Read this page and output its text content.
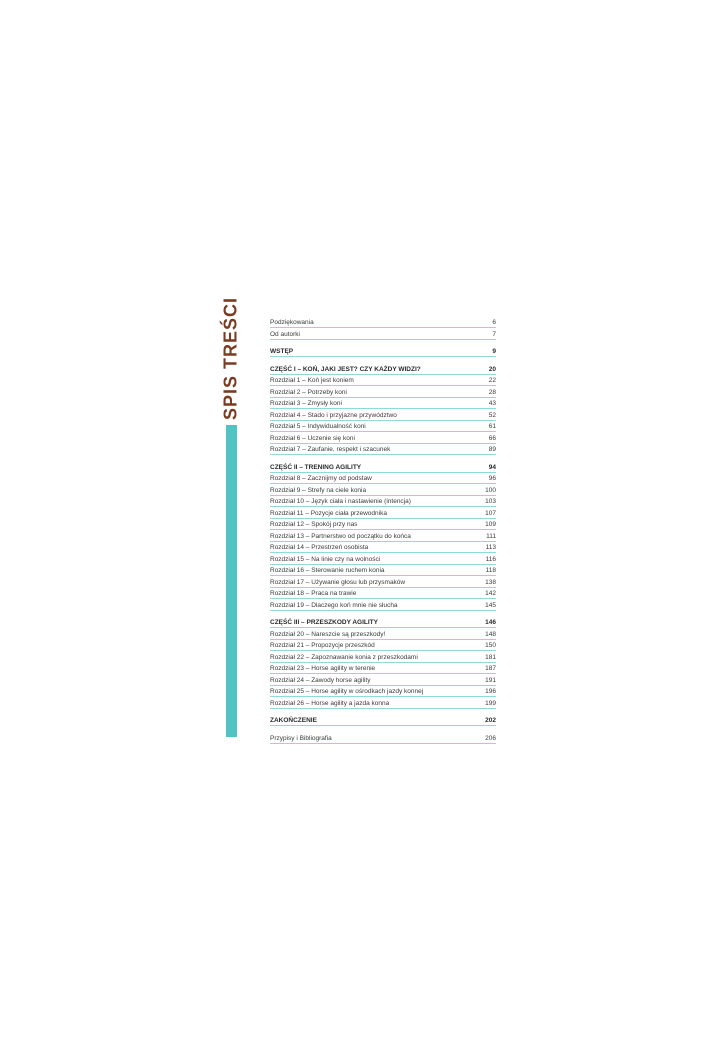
SPIS TREŚCI	Podziękowania	6
Od autorki	7
WSTĘP	9
CZĘŚĆ I – KOŃ, JAKI JEST? CZY KAŻDY WIDZI?	20
Rozdział 1 – Koń jest koniem	22
Rozdział 2 – Potrzeby koni	28
Rozdział 3 – Zmysły koni	43
Rozdział 4 – Stado i przyjazne przywództwo	52
Rozdział 5 – Indywidualność koni	61
Rozdział 6 – Uczenie się koni	66
Rozdział 7 – Zaufanie, respekt i szacunek	89
CZĘŚĆ II – TRENING AGILITY	94
Rozdział 8 – Zacznijmy od podstaw	96
Rozdział 9 – Strefy na ciele konia	100
Rozdział 10 – Język ciała i nastawienie (intencja)	103
Rozdział 11 – Pozycje ciała przewodnika	107
Rozdział 12 – Spokój przy nas	109
Rozdział 13 – Partnerstwo od początku do końca	111
Rozdział 14 – Przestrzeń osobista	113
Rozdział 15 – Na linie czy na wolności	116
Rozdział 16 – Sterowanie ruchem konia	118
Rozdział 17 – Używanie głosu lub przysmaków	138
Rozdział 18 – Praca na trawie	142
Rozdział 19 – Dlaczego koń mnie nie słucha	145
CZĘŚĆ III – PRZESZKODY AGILITY	146
Rozdział 20 – Nareszcie są przeszkody!	148
Rozdział 21 – Propozycje przeszkód	150
Rozdział 22 – Zapoznawanie konia z przeszkodami	181
Rozdział 23 – Horse agility w terenie	187
Rozdział 24 – Zawody horse agility	191
Rozdział 25 – Horse agility w ośrodkach jazdy konnej	196
Rozdział 26 – Horse agility a jazda konna	199
ZAKOŃCZENIE	202
Przypisy i Bibliografia	206
